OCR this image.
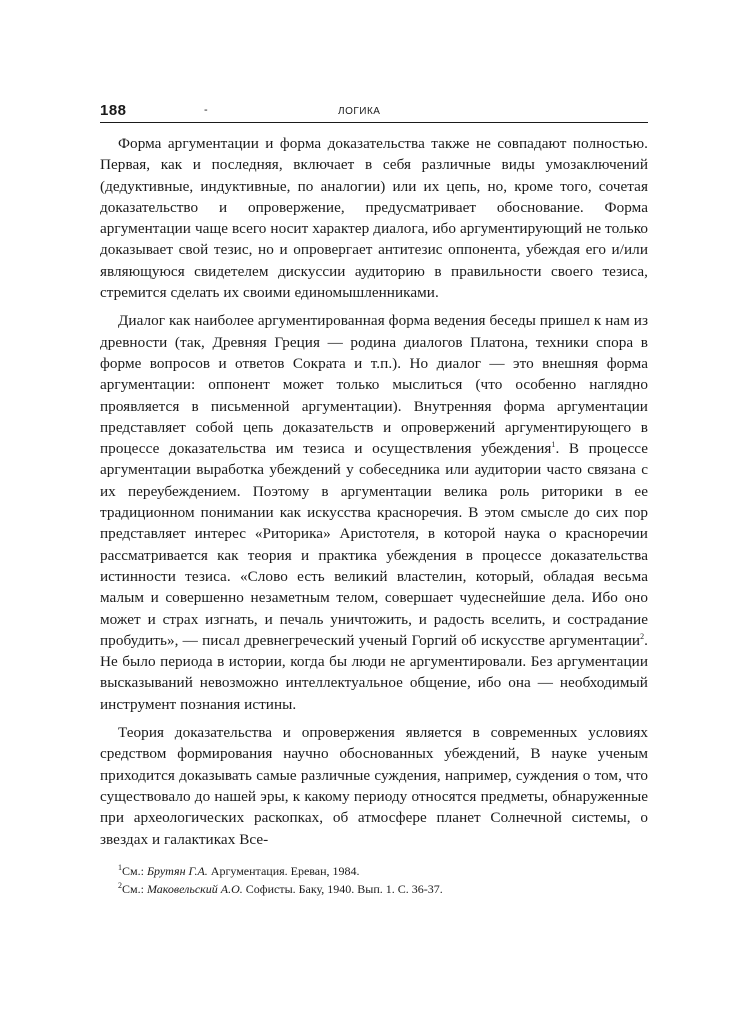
188	-	ЛОГИКА

Форма аргументации и форма доказательства также не совпадают полностью. Первая, как и последняя, включает в себя различные виды умозаключений (дедуктивные, индуктивные, по аналогии) или их цепь, но, кроме того, сочетая доказательство и опровержение, предусматривает обоснование. Форма аргументации чаще всего носит характер диалога, ибо аргументирующий не только доказывает свой тезис, но и опровергает антитезис оппонента, убеждая его и/или являющуюся свидетелем дискуссии аудиторию в правильности своего тезиса, стремится сделать их своими единомышленниками.

Диалог как наиболее аргументированная форма ведения беседы пришел к нам из древности (так, Древняя Греция — родина диалогов Платона, техники спора в форме вопросов и ответов Сократа и т.п.). Но диалог — это внешняя форма аргументации: оппонент может только мыслиться (что особенно наглядно проявляется в письменной аргументации). Внутренняя форма аргументации представляет собой цепь доказательств и опровержений аргументирующего в процессе доказательства им тезиса и осуществления убеждения$^1$. В процессе аргументации выработка убеждений у собеседника или аудитории часто связана с их переубеждением. Поэтому в аргументации велика роль риторики в ее традиционном понимании как искусства красноречия. В этом смысле до сих пор представляет интерес «Риторика» Аристотеля, в которой наука о красноречии рассматривается как теория и практика убеждения в процессе доказательства истинности тезиса. «Слово есть великий властелин, который, обладая весьма малым и совершенно незаметным телом, совершает чудеснейшие дела. Ибо оно может и страх изгнать, и печаль уничтожить, и радость вселить, и сострадание пробудить», — писал древнегреческий ученый Горгий об искусстве аргументации$^2$. Не было периода в истории, когда бы люди не аргументировали. Без аргументации высказываний невозможно интеллектуальное общение, ибо она — необходимый инструмент познания истины.

Теория доказательства и опровержения является в современных условиях средством формирования научно обоснованных убеждений, В науке ученым приходится доказывать самые различные суждения, например, суждения о том, что существовало до нашей эры, к какому периоду относятся предметы, обнаруженные при археологических раскопках, об атмосфере планет Солнечной системы, о звездах и галактиках Все-

$^1$См.: Брутян Г.А. Аргументация. Ереван, 1984.

$^2$См.: Маковельский А.О. Софисты. Баку, 1940. Вып. 1. С. 36-37.
